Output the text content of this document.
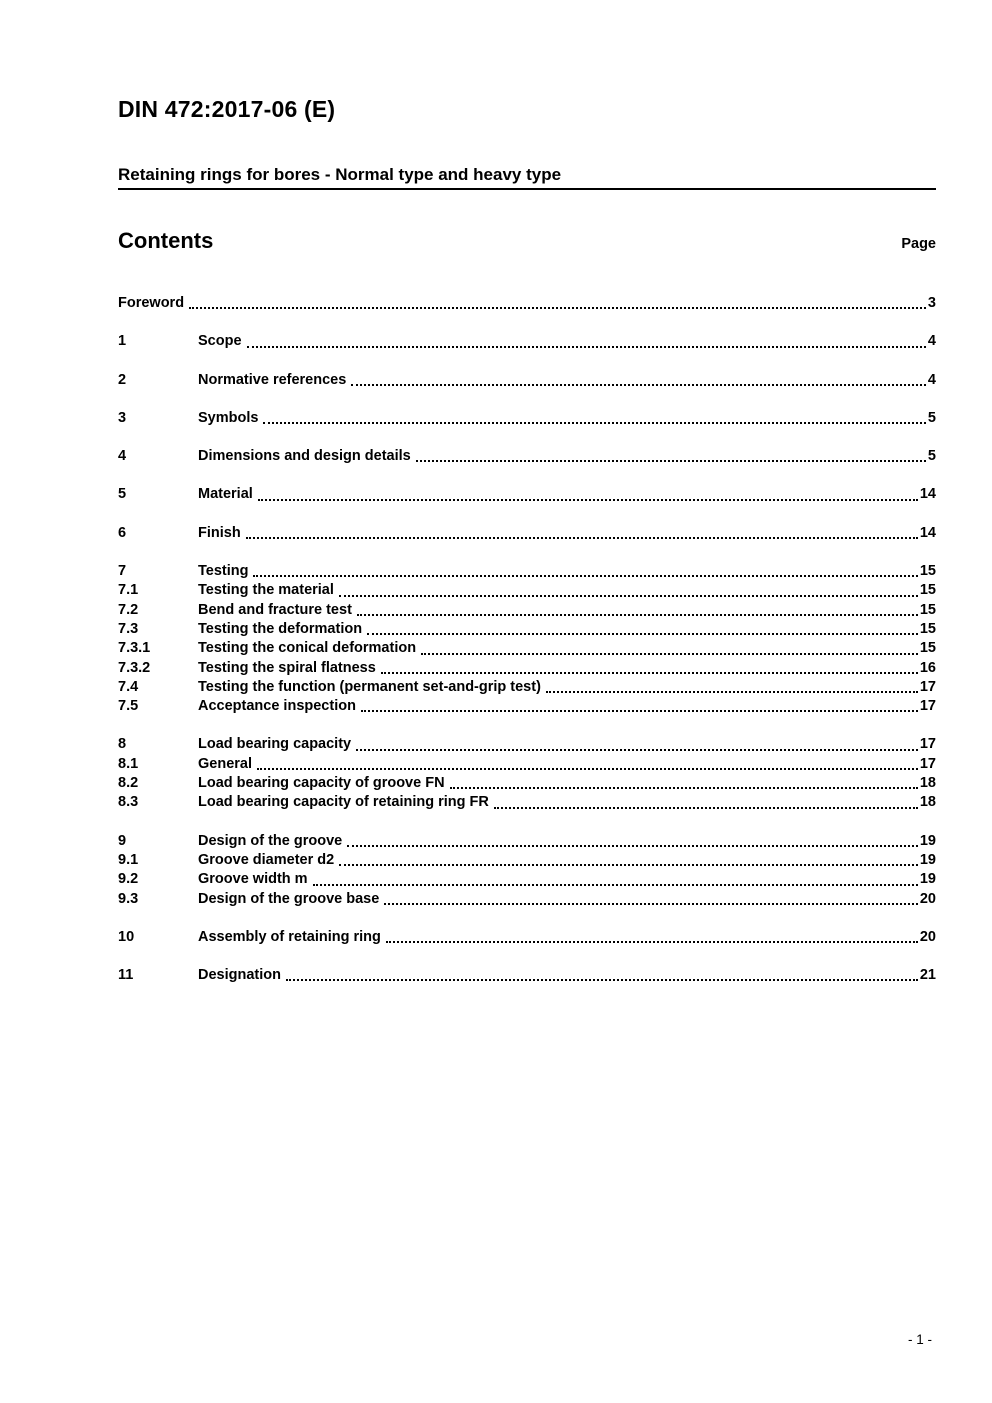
DIN 472:2017-06 (E)
Retaining rings for bores - Normal type and heavy type
Contents	Page
Foreword	3
1	Scope	4
2	Normative references	4
3	Symbols	5
4	Dimensions and design details	5
5	Material	14
6	Finish	14
7	Testing	15
7.1	Testing the material	15
7.2	Bend and fracture test	15
7.3	Testing the deformation	15
7.3.1	Testing the conical deformation	15
7.3.2	Testing the spiral flatness	16
7.4	Testing the function (permanent set-and-grip test)	17
7.5	Acceptance inspection	17
8	Load bearing capacity	17
8.1	General	17
8.2	Load bearing capacity of groove FN	18
8.3	Load bearing capacity of retaining ring FR	18
9	Design of the groove	19
9.1	Groove diameter d2	19
9.2	Groove width m	19
9.3	Design of the groove base	20
10	Assembly of retaining ring	20
11	Designation	21
- 1 -
